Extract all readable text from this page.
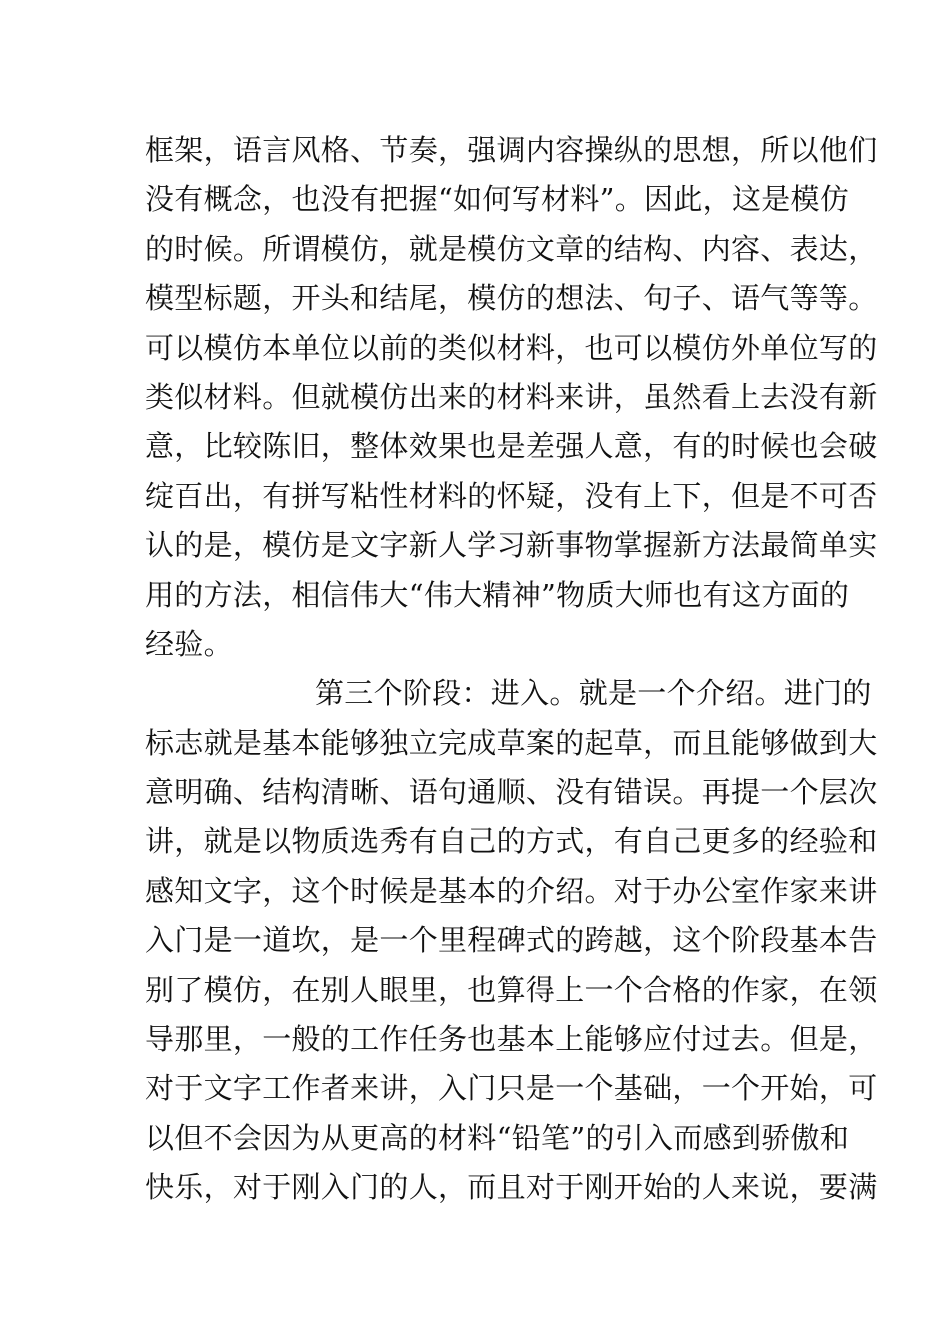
框架，语言风格、节奏，强调内容操纵的思想，所以他们
没有概念，也没有把握“如何写材料”。因此，这是模仿
的时候。所谓模仿，就是模仿文章的结构、内容、表达，
模型标题，开头和结尾，模仿的想法、句子、语气等等。
可以模仿本单位以前的类似材料，也可以模仿外单位写的
类似材料。但就模仿出来的材料来讲，虽然看上去没有新
意，比较陈旧，整体效果也是差强人意，有的时候也会破
绽百出，有拼写粘性材料的怀疑，没有上下，但是不可否
认的是，模仿是文字新人学习新事物掌握新方法最简单实
用的方法，相信伟大“伟大精神”物质大师也有这方面的
经验。
第三个阶段：进入。就是一个介绍。进门的
标志就是基本能够独立完成草案的起草，而且能够做到大
意明确、结构清晰、语句通顺、没有错误。再提一个层次
讲，就是以物质选秀有自己的方式，有自己更多的经验和
感知文字，这个时候是基本的介绍。对于办公室作家来讲
入门是一道坎，是一个里程碑式的跨越，这个阶段基本告
别了模仿，在别人眼里，也算得上一个合格的作家，在领
导那里，一般的工作任务也基本上能够应付过去。但是，
对于文字工作者来讲，入门只是一个基础，一个开始，可
以但不会因为从更高的材料“铅笔”的引入而感到骄傲和
快乐，对于刚入门的人，而且对于刚开始的人来说，要满
